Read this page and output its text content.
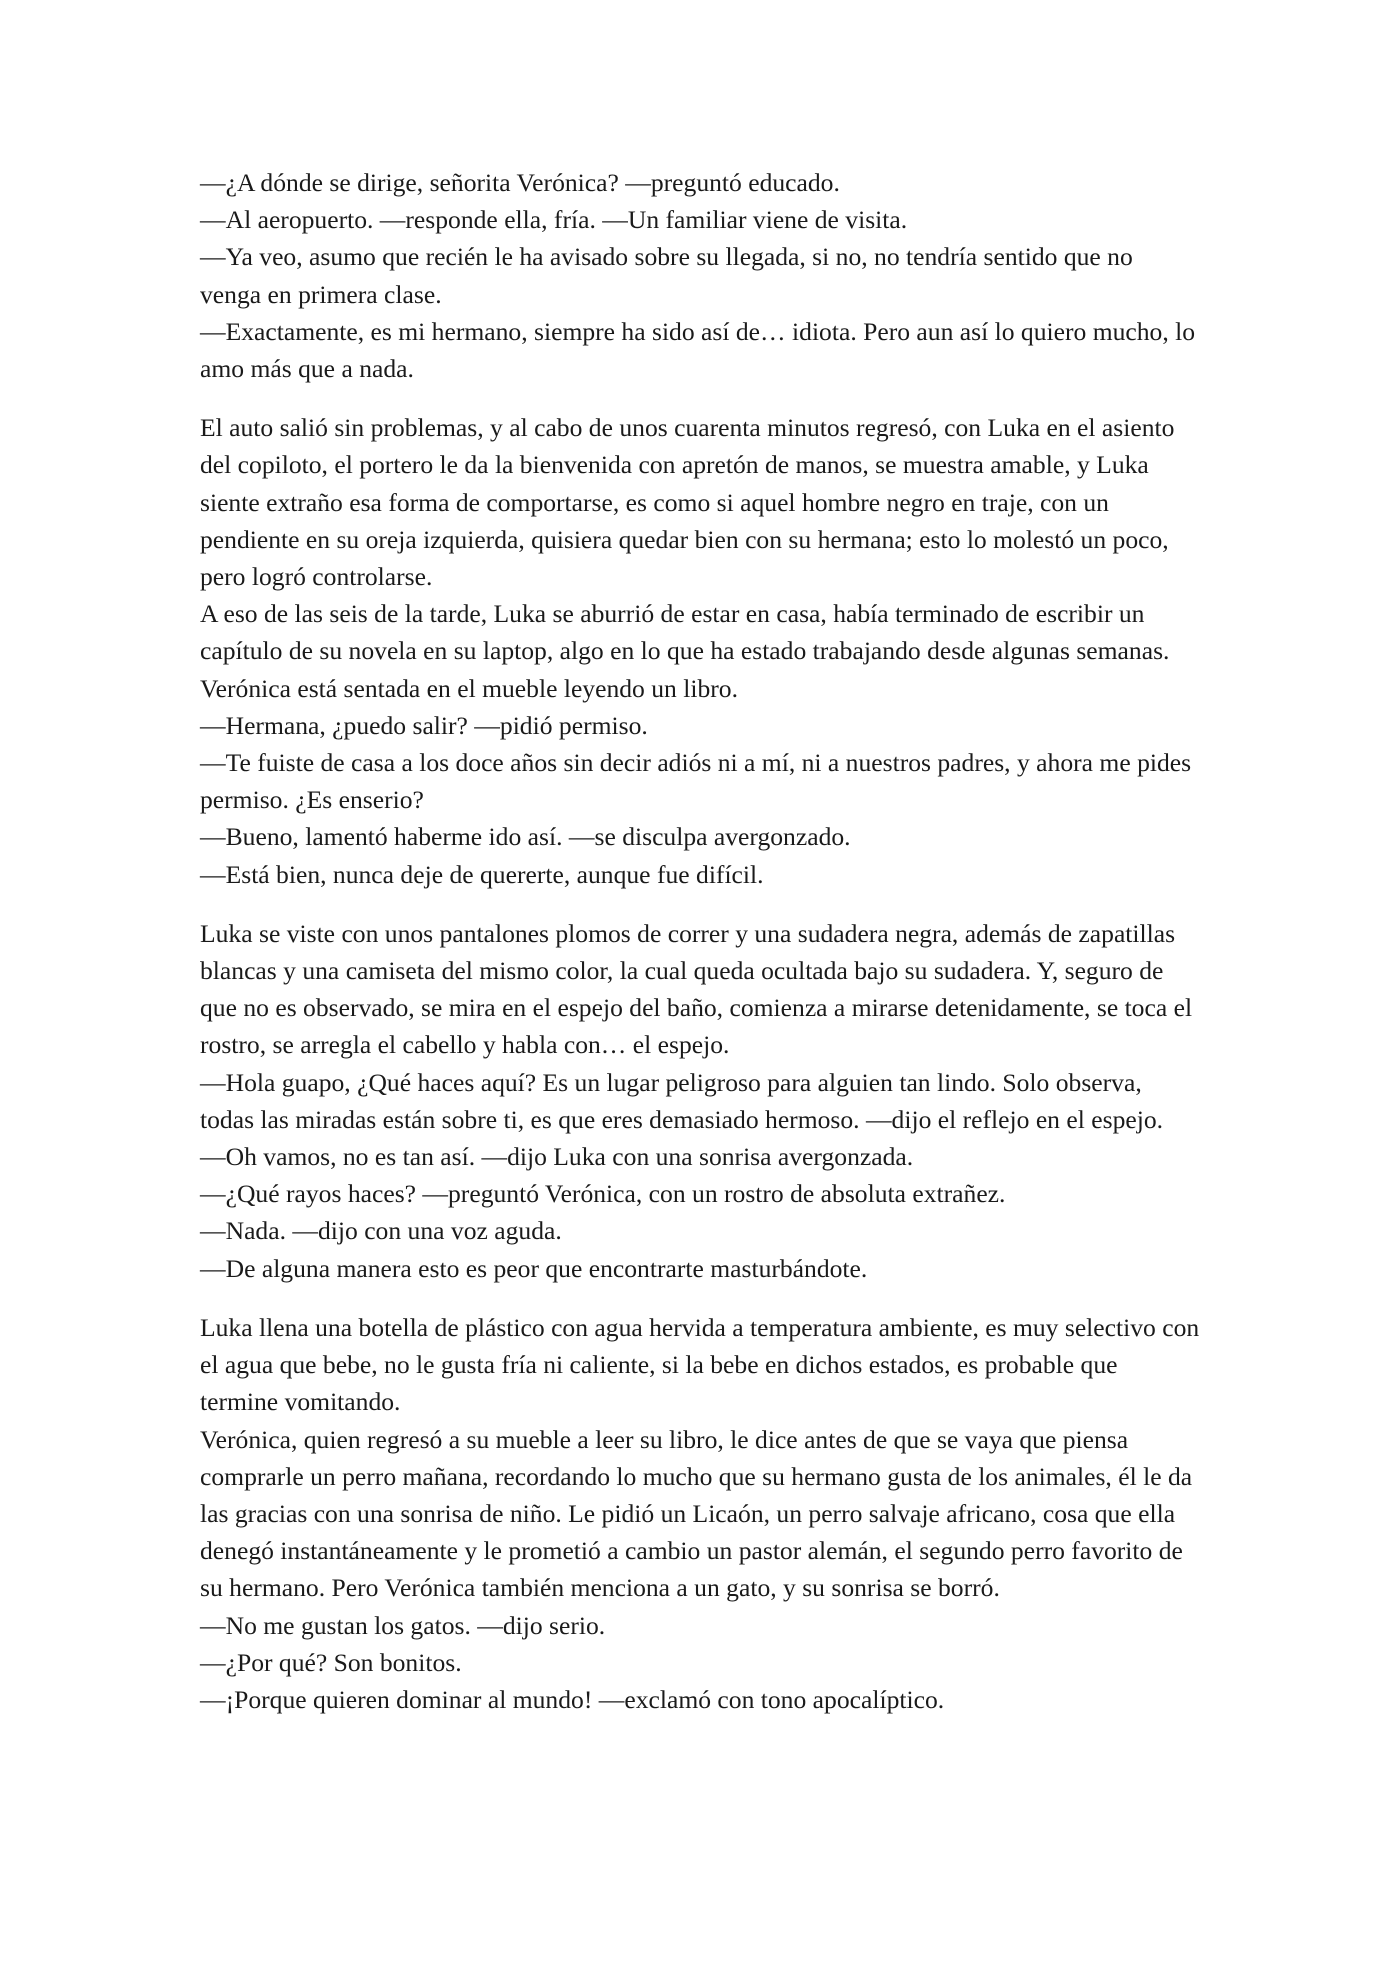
—¿A dónde se dirige, señorita Verónica? —preguntó educado.

—Al aeropuerto. —responde ella, fría. —Un familiar viene de visita.

—Ya veo, asumo que recién le ha avisado sobre su llegada, si no, no tendría sentido que no venga en primera clase.

—Exactamente, es mi hermano, siempre ha sido así de… idiota. Pero aun así lo quiero mucho, lo amo más que a nada.

El auto salió sin problemas, y al cabo de unos cuarenta minutos regresó, con Luka en el asiento del copiloto, el portero le da la bienvenida con apretón de manos, se muestra amable, y Luka siente extraño esa forma de comportarse, es como si aquel hombre negro en traje, con un pendiente en su oreja izquierda, quisiera quedar bien con su hermana; esto lo molestó un poco, pero logró controlarse.

A eso de las seis de la tarde, Luka se aburrió de estar en casa, había terminado de escribir un capítulo de su novela en su laptop, algo en lo que ha estado trabajando desde algunas semanas. Verónica está sentada en el mueble leyendo un libro.

—Hermana, ¿puedo salir? —pidió permiso.

—Te fuiste de casa a los doce años sin decir adiós ni a mí, ni a nuestros padres, y ahora me pides permiso. ¿Es enserio?

—Bueno, lamentó haberme ido así. —se disculpa avergonzado.

—Está bien, nunca deje de quererte, aunque fue difícil.

Luka se viste con unos pantalones plomos de correr y una sudadera negra, además de zapatillas blancas y una camiseta del mismo color, la cual queda ocultada bajo su sudadera. Y, seguro de que no es observado, se mira en el espejo del baño, comienza a mirarse detenidamente, se toca el rostro, se arregla el cabello y habla con… el espejo.

—Hola guapo, ¿Qué haces aquí? Es un lugar peligroso para alguien tan lindo. Solo observa, todas las miradas están sobre ti, es que eres demasiado hermoso. —dijo el reflejo en el espejo.

—Oh vamos, no es tan así. —dijo Luka con una sonrisa avergonzada.

—¿Qué rayos haces? —preguntó Verónica, con un rostro de absoluta extrañez.

—Nada. —dijo con una voz aguda.

—De alguna manera esto es peor que encontrarte masturbándote.

Luka llena una botella de plástico con agua hervida a temperatura ambiente, es muy selectivo con el agua que bebe, no le gusta fría ni caliente, si la bebe en dichos estados, es probable que termine vomitando.

Verónica, quien regresó a su mueble a leer su libro, le dice antes de que se vaya que piensa comprarle un perro mañana, recordando lo mucho que su hermano gusta de los animales, él le da las gracias con una sonrisa de niño. Le pidió un Licaón, un perro salvaje africano, cosa que ella denegó instantáneamente y le prometió a cambio un pastor alemán, el segundo perro favorito de su hermano. Pero Verónica también menciona a un gato, y su sonrisa se borró.

—No me gustan los gatos. —dijo serio.

—¿Por qué? Son bonitos.

—¡Porque quieren dominar al mundo! —exclamó con tono apocalíptico.
